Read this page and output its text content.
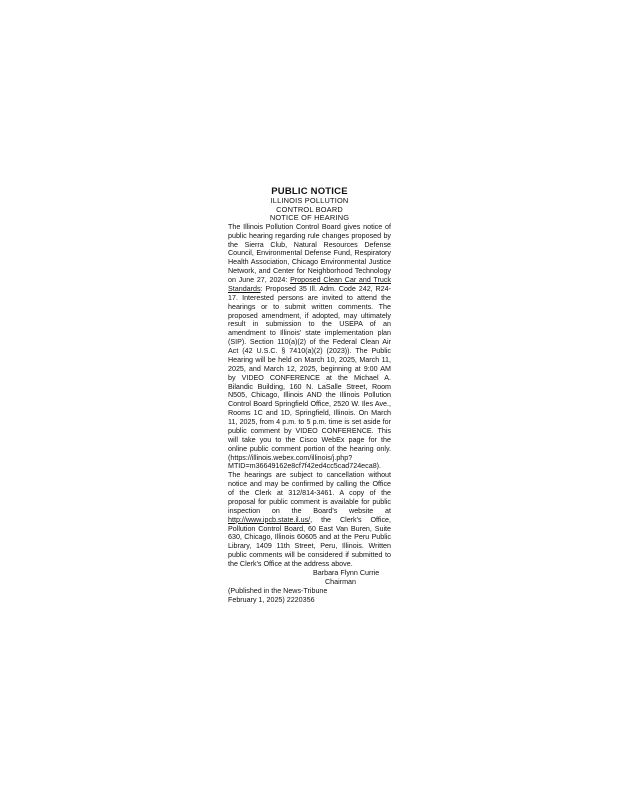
PUBLIC NOTICE

ILLINOIS POLLUTION

CONTROL BOARD

NOTICE OF HEARING

The Illinois Pollution Control Board gives notice of public hearing regarding rule changes proposed by the Sierra Club, Natural Resources Defense Council, Environmental Defense Fund, Respiratory Health Association, Chicago Environmental Justice Network, and Center for Neighborhood Technology on June 27, 2024: Proposed Clean Car and Truck Standards: Proposed 35 Ill. Adm. Code 242, R24-17. Interested persons are invited to attend the hearings or to submit written comments. The proposed amendment, if adopted, may ultimately result in submission to the USEPA of an amendment to Illinois' state implementation plan (SIP). Section 110(a)(2) of the Federal Clean Air Act (42 U.S.C. § 7410(a)(2) (2023)). The Public Hearing will be held on March 10, 2025, March 11, 2025, and March 12, 2025, beginning at 9:00 AM by VIDEO CONFERENCE at the Michael A. Bilandic Building, 160 N. LaSalle Street, Room N505, Chicago, Illinois AND the Illinois Pollution Control Board Springfield Office, 2520 W. Iles Ave., Rooms 1C and 1D, Springfield, Illinois. On March 11, 2025, from 4 p.m. to 5 p.m. time is set aside for public comment by VIDEO CONFERENCE. This will take you to the Cisco WebEx page for the online public comment portion of the hearing only. (https://illinois.webex.com/illinois/j.php?MTID=m36649162e8cf7f42ed4cc5cad724eca8). The hearings are subject to cancellation without notice and may be confirmed by calling the Office of the Clerk at 312/814-3461. A copy of the proposal for public comment is available for public inspection on the Board's website at http://www.ipcb.state.il.us/, the Clerk's Office, Pollution Control Board, 60 East Van Buren, Suite 630, Chicago, Illinois 60605 and at the Peru Public Library, 1409 11th Street, Peru, Illinois. Written public comments will be considered if submitted to the Clerk's Office at the address above.

Barbara Flynn Currie

Chairman

(Published in the News-Tribune

February 1, 2025) 2220356
